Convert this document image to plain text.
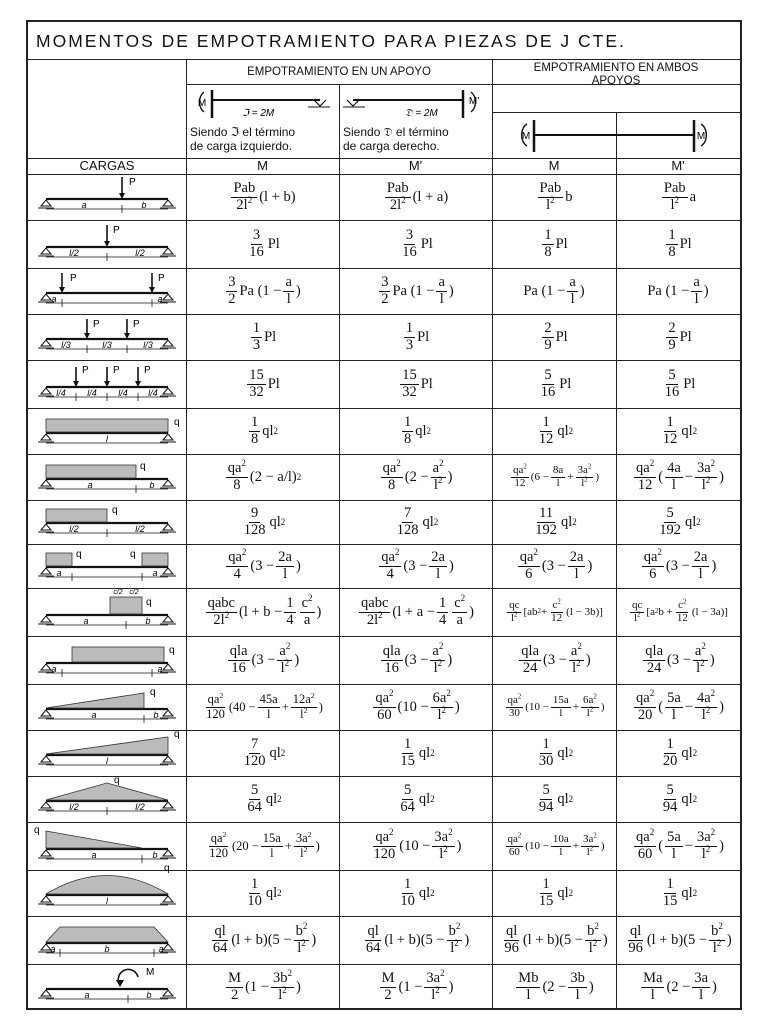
MOMENTOS DE EMPOTRAMIENTO PARA PIEZAS DE J CTE.
EMPOTRAMIENTO EN UN APOYO	EMPOTRAMIENTO EN AMBOS
APOYOS
CARGAS	M	M'	M	M'
M
ℑ = 2M
M'
𝔇 = 2M
M	M'
Siendo ℑ el término
de carga izquierdo.
Siendo 𝔇 el término
de carga derecho.
$\frac{\text{Pab}}{2l^2} (l + b)$	$\frac{\text{Pab}}{2l^2} (l + a)$	$\frac{\text{Pab}}{l^2}$ b	$\frac{\text{Pab}}{l^2}$ a
$\frac{3}{16}$ Pl	$\frac{3}{16}$ Pl	$\frac{1}{8}$ Pl	$\frac{1}{8}$ Pl
$\frac{3}{2}$ Pa ($1 - \frac{a}{l}$ )	$\frac{3}{2}$ Pa ($1 - \frac{a}{l}$ )	Pa ($1 - \frac{a}{l}$ )	Pa ($1 - \frac{a}{l}$ )
$\frac{1}{3}$ Pl	$\frac{1}{3}$ Pl	$\frac{2}{9}$ Pl	$\frac{2}{9}$ Pl
$\frac{15}{32}$ Pl	$\frac{15}{32}$ Pl	$\frac{5}{16}$ Pl	$\frac{5}{16}$ Pl
$\frac{1}{8}$ ql 2	$\frac{1}{8}$ ql 2	$\frac{1}{12}$ ql 2	$\frac{1}{12}$ ql 2
$\frac{qa^2}{8} (2 - a/l)$ 2	$\frac{qa^2}{8} (2 - \frac{a^2}{l^2}$ )	$\frac{qa^2}{12} (6 - \frac{8a}{l} + \frac{3a^2}{l^2}$ )	$\frac{qa^2}{12}$ ( $\frac{4a}{l} - \frac{3a^2}{l^2}$ )
$\frac{9}{128}$ ql 2	$\frac{7}{128}$ ql 2	$\frac{11}{192}$ ql 2	$\frac{5}{192}$ ql 2
$\frac{qa^2}{4} (3 - \frac{2a}{l}$ )	$\frac{qa^2}{4} (3 - \frac{2a}{l}$ )	$\frac{qa^2}{6} (3 - \frac{2a}{l}$ )	$\frac{qa^2}{6} (3 - \frac{2a}{l}$ )
$\frac{\text{qabc}}{2l^2} (l + b - \frac{1}{4} \frac{c^2}{a}$ )	$\frac{\text{qabc}}{2l^2} (l + a - \frac{1}{4} \frac{c^2}{a}$ )	$\frac{qc}{l^2} [ab$ $2 + \frac{c^2}{12} (l - 3b)$]	$\frac{qc}{l^2} [a$ 2 $b + \frac{c^2}{12} (l - 3a)$]
$\frac{\text{qla}}{16} (3 - \frac{a^2}{l^2}$ )	$\frac{\text{qla}}{16} (3 - \frac{a^2}{l^2}$ )	$\frac{\text{qla}}{24} (3 - \frac{a^2}{l^2}$ )	$\frac{\text{qla}}{24} (3 - \frac{a^2}{l^2}$ )
$\frac{qa^2}{120} (40 - \frac{45a}{l} + \frac{12a^2}{l^2}$ )	$\frac{qa^2}{60} (10 - \frac{6a^2}{l^2}$ )	$\frac{qa^2}{30} (10 - \frac{15a}{l} + \frac{6a^2}{l^2}$ )	$\frac{qa^2}{20}$ ( $\frac{5a}{l} - \frac{4a^2}{l^2}$ )
$\frac{7}{120}$ ql 2	$\frac{1}{15}$ ql 2	$\frac{1}{30}$ ql 2	$\frac{1}{20}$ ql 2
$\frac{5}{64}$ ql 2	$\frac{5}{64}$ ql 2	$\frac{5}{94}$ ql 2	$\frac{5}{94}$ ql 2
$\frac{qa^2}{120} (20 - \frac{15a}{l} + \frac{3a^2}{l^2}$ )	$\frac{qa^2}{120} (10 - \frac{3a^2}{l^2}$ )	$\frac{qa^2}{60} (10 - \frac{10a}{l} + \frac{3a^2}{l^2}$ )	$\frac{qa^2}{60}$ ( $\frac{5a}{l} - \frac{3a^2}{l^2}$ )
$\frac{1}{10}$ ql 2	$\frac{1}{10}$ ql 2	$\frac{1}{15}$ ql 2	$\frac{1}{15}$ ql 2
$\frac{ql}{64} (l + b)(5 - \frac{b^2}{l^2}$ )	$\frac{ql}{64} (l + b)(5 - \frac{b^2}{l^2}$ )	$\frac{ql}{96} (l + b)(5 - \frac{b^2}{l^2}$ )	$\frac{ql}{96} (l + b)(5 - \frac{b^2}{l^2}$ )
$\frac{M}{2} (1 - \frac{3b^2}{l^2}$ )	$\frac{M}{2} (1 - \frac{3a^2}{l^2}$ )	$\frac{Mb}{l} (2 - \frac{3b}{l}$ )	$\frac{Ma}{l} (2 - \frac{3a}{l}$ )
P
a	b
P
l/2	l/2
P	P
a	a
P	P
l/3	l/3	l/3
P P P
l/4 l/4 l/4 l/4
q
l
q
a	b
q
l/2	l/2
q	q
a	a
q
c/2 c/2
a	b
q
a	a
q
a	b
q
l
q
l/2	l/2
q
a	b
q
l
a	b	a
M
a	b
